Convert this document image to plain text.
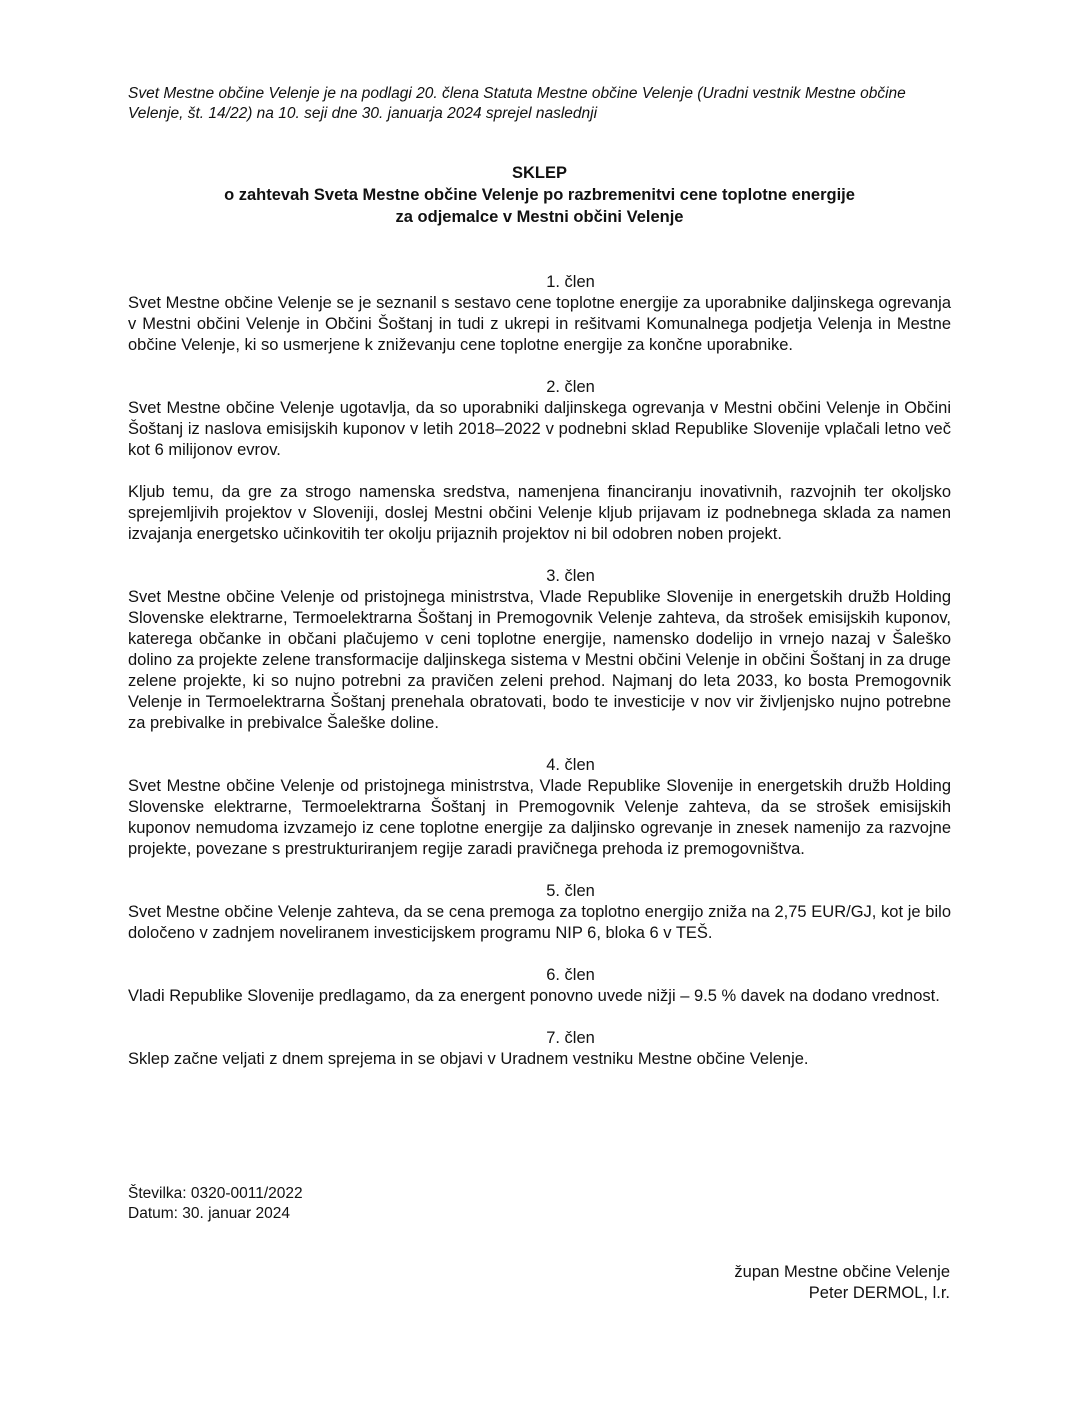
Svet Mestne občine Velenje je na podlagi 20. člena Statuta Mestne občine Velenje (Uradni vestnik Mestne občine Velenje, št. 14/22) na 10. seji dne 30. januarja 2024 sprejel naslednji

SKLEP
o zahtevah Sveta Mestne občine Velenje po razbremenitvi cene toplotne energije
za odjemalce v Mestni občini Velenje
1. člen

Svet Mestne občine Velenje se je seznanil s sestavo cene toplotne energije za uporabnike daljinskega ogrevanja v Mestni občini Velenje in Občini Šoštanj in tudi z ukrepi in rešitvami Komunalnega podjetja Velenja in Mestne občine Velenje, ki so usmerjene k zniževanju cene toplotne energije za končne uporabnike.

2. člen

Svet Mestne občine Velenje ugotavlja, da so uporabniki daljinskega ogrevanja v Mestni občini Velenje in Občini Šoštanj iz naslova emisijskih kuponov v letih 2018–2022 v podnebni sklad Republike Slovenije vplačali letno več kot 6 milijonov evrov.

Kljub temu, da gre za strogo namenska sredstva, namenjena financiranju inovativnih, razvojnih ter okoljsko sprejemljivih projektov v Sloveniji, doslej Mestni občini Velenje kljub prijavam iz podnebnega sklada za namen izvajanja energetsko učinkovitih ter okolju prijaznih projektov ni bil odobren noben projekt.

3. člen

Svet Mestne občine Velenje od pristojnega ministrstva, Vlade Republike Slovenije in energetskih družb Holding Slovenske elektrarne, Termoelektrarna Šoštanj in Premogovnik Velenje zahteva, da strošek emisijskih kuponov, katerega občanke in občani plačujemo v ceni toplotne energije, namensko dodelijo in vrnejo nazaj v Šaleško dolino za projekte zelene transformacije daljinskega sistema v Mestni občini Velenje in občini Šoštanj in za druge zelene projekte, ki so nujno potrebni za pravičen zeleni prehod. Najmanj do leta 2033, ko bosta Premogovnik Velenje in Termoelektrarna Šoštanj prenehala obratovati, bodo te investicije v nov vir življenjsko nujno potrebne za prebivalke in prebivalce Šaleške doline.

4. člen

Svet Mestne občine Velenje od pristojnega ministrstva, Vlade Republike Slovenije in energetskih družb Holding Slovenske elektrarne, Termoelektrarna Šoštanj in Premogovnik Velenje zahteva, da se strošek emisijskih kuponov nemudoma izvzamejo iz cene toplotne energije za daljinsko ogrevanje in znesek namenijo za razvojne projekte, povezane s prestrukturiranjem regije zaradi pravičnega prehoda iz premogovništva.

5. člen

Svet Mestne občine Velenje zahteva, da se cena premoga za toplotno energijo zniža na 2,75 EUR/GJ, kot je bilo določeno v zadnjem noveliranem investicijskem programu NIP 6, bloka 6 v TEŠ.

6. člen

Vladi Republike Slovenije predlagamo, da za energent ponovno uvede nižji – 9.5 % davek na dodano vrednost.

7. člen

Sklep začne veljati z dnem sprejema in se objavi v Uradnem vestniku Mestne občine Velenje.

Številka: 0320-0011/2022
Datum: 30. januar 2024
župan Mestne občine Velenje
Peter DERMOL, l.r.
